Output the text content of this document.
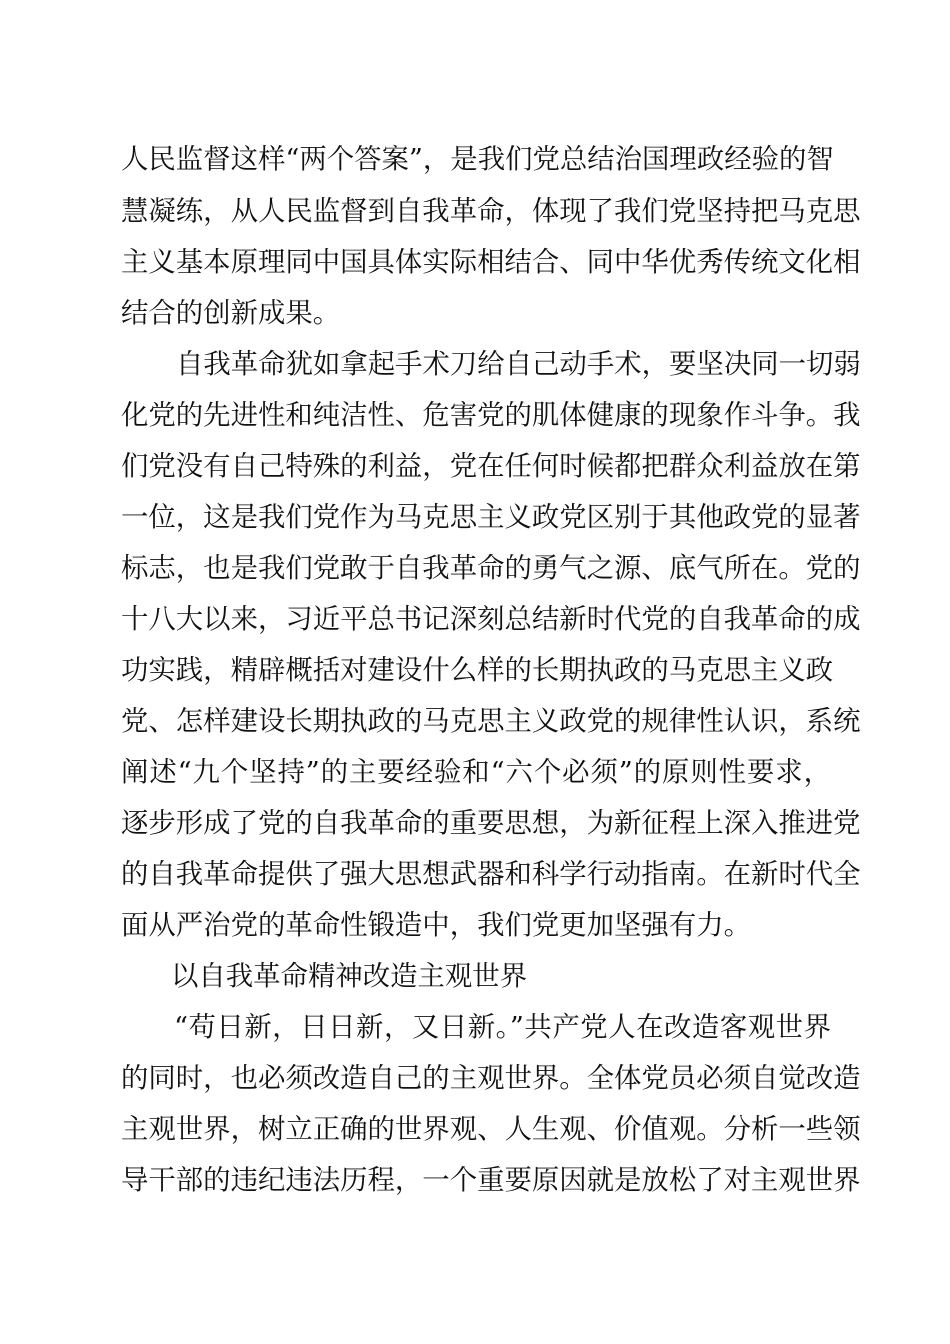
人民监督这样“两个答案”，是我们党总结治国理政经验的智
慧凝练，从人民监督到自我革命，体现了我们党坚持把马克思
主义基本原理同中国具体实际相结合、同中华优秀传统文化相
结合的创新成果。
自我革命犹如拿起手术刀给自己动手术，要坚决同一切弱
化党的先进性和纯洁性、危害党的肌体健康的现象作斗争。我
们党没有自己特殊的利益，党在任何时候都把群众利益放在第
一位，这是我们党作为马克思主义政党区别于其他政党的显著
标志，也是我们党敢于自我革命的勇气之源、底气所在。党的
十八大以来，习近平总书记深刻总结新时代党的自我革命的成
功实践，精辟概括对建设什么样的长期执政的马克思主义政
党、怎样建设长期执政的马克思主义政党的规律性认识，系统
阐述“九个坚持”的主要经验和“六个必须”的原则性要求，
逐步形成了党的自我革命的重要思想，为新征程上深入推进党
的自我革命提供了强大思想武器和科学行动指南。在新时代全
面从严治党的革命性锻造中，我们党更加坚强有力。
以自我革命精神改造主观世界
“苟日新，日日新，又日新。”共产党人在改造客观世界
的同时，也必须改造自己的主观世界。全体党员必须自觉改造
主观世界，树立正确的世界观、人生观、价值观。分析一些领
导干部的违纪违法历程，一个重要原因就是放松了对主观世界
